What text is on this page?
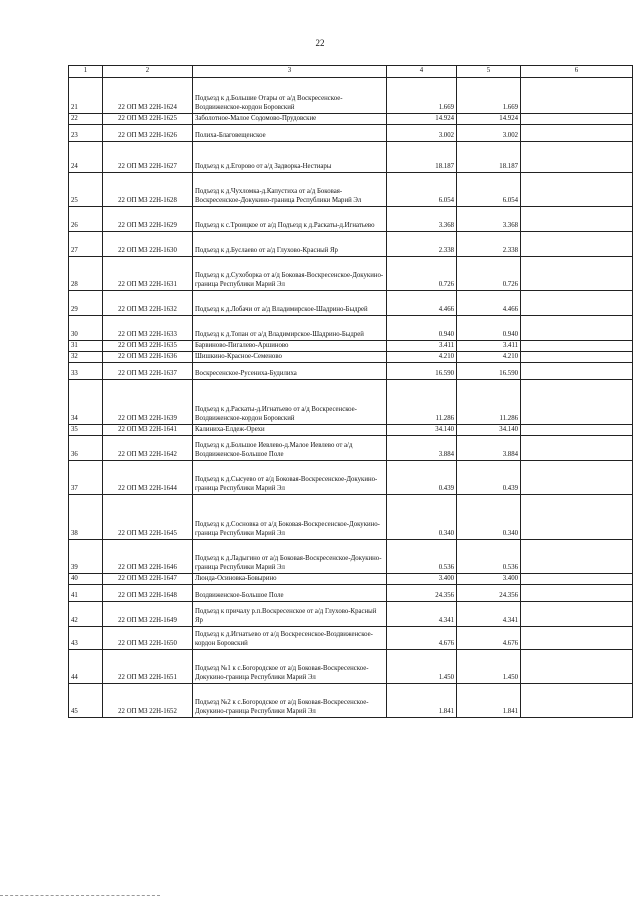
22
1	2	3	4	5	6
21	22 ОП МЗ 22Н-1624	Подъезд к д.Большие Отары от а/д Воскресенское-Воздвиженское-кордон Боровский	1.669	1.669	
22	22 ОП МЗ 22Н-1625	Заболотное-Малое Содомово-Прудовские	14.924	14.924	
23	22 ОП МЗ 22Н-1626	Полиха-Благовещенское	3.002	3.002	
24	22 ОП МЗ 22Н-1627	Подъезд к д.Егорово от а/д Задворка-Нестиары	18.187	18.187	
25	22 ОП МЗ 22Н-1628	Подъезд к д.Чухломка-д.Капустиха от а/д Боковая-Воскресенское-Докукино-граница Республики Марий Эл	6.054	6.054	
26	22 ОП МЗ 22Н-1629	Подъезд к с.Троицкое от а/д Подъезд к д.Раскаты-д.Игнатьево	3.368	3.368	
27	22 ОП МЗ 22Н-1630	Подъезд к д.Буслаево от а/д Глухово-Красный Яр	2.338	2.338	
28	22 ОП МЗ 22Н-1631	Подъезд к д.Сухоборка от а/д Боковая-Воскресенское-Докукино-граница Республики Марий Эл	0.726	0.726	
29	22 ОП МЗ 22Н-1632	Подъезд к д.Лобачи от а/д Владимирское-Шадрино-Быдрей	4.466	4.466	
30	22 ОП МЗ 22Н-1633	Подъезд к д.Топан от а/д Владимирское-Шадрино-Быдрей	0.940	0.940	
31	22 ОП МЗ 22Н-1635	Барвиново-Пигалево-Аршиново	3.411	3.411	
32	22 ОП МЗ 22Н-1636	Шишкино-Красное-Семеново	4.210	4.210	
33	22 ОП МЗ 22Н-1637	Воскресенское-Русениха-Будилиха	16.590	16.590	
34	22 ОП МЗ 22Н-1639	Подъезд к д.Раскаты-д.Игнатьево от а/д Воскресенское-Воздвиженское-кордон Боровский	11.286	11.286	
35	22 ОП МЗ 22Н-1641	Калиниха-Елдеж-Орехи	34.140	34.140	
36	22 ОП МЗ 22Н-1642	Подъезд к д.Большое Иевлево-д.Малое Иевлево от а/д Воздвиженское-Большое Поле	3.884	3.884	
37	22 ОП МЗ 22Н-1644	Подъезд к д.Сысуево от а/д Боковая-Воскресенское-Докукино-граница Республики Марий Эл	0.439	0.439	
38	22 ОП МЗ 22Н-1645	Подъезд к д.Сосновка от а/д Боковая-Воскресенское-Докукино-граница Республики Марий Эл	0.340	0.340	
39	22 ОП МЗ 22Н-1646	Подъезд к д.Ладыгино от а/д Боковая-Воскресенское-Докукино-граница Республики Марий Эл	0.536	0.536	
40	22 ОП МЗ 22Н-1647	Люнда-Осиновка-Бовырино	3.400	3.400	
41	22 ОП МЗ 22Н-1648	Воздвиженское-Большое Поле	24.356	24.356	
42	22 ОП МЗ 22Н-1649	Подъезд к причалу р.п.Воскресенское от а/д Глухово-Красный Яр	4.341	4.341	
43	22 ОП МЗ 22Н-1650	Подъезд к д.Игнатьево от а/д Воскресенское-Воздвиженское-кордон Боровский	4.676	4.676	
44	22 ОП МЗ 22Н-1651	Подъезд №1 к с.Богородское от а/д Боковая-Воскресенское-Докукино-граница Республики Марий Эл	1.450	1.450	
45	22 ОП МЗ 22Н-1652	Подъезд №2 к с.Богородское от а/д Боковая-Воскресенское-Докукино-граница Республики Марий Эл	1.841	1.841	
